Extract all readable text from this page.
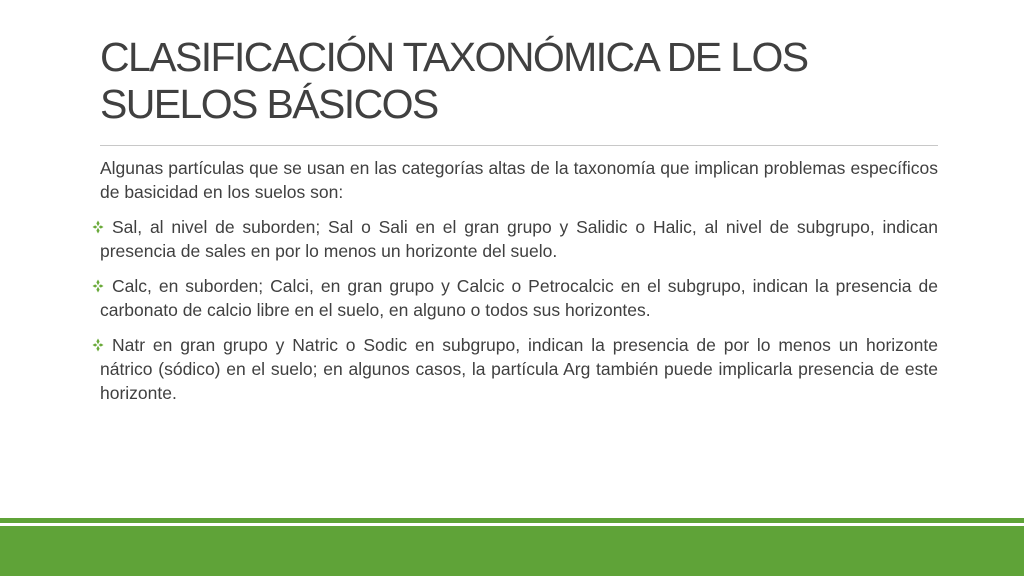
CLASIFICACIÓN TAXONÓMICA DE LOS SUELOS BÁSICOS

Algunas partículas que se usan en las categorías altas de la taxonomía que implican problemas específicos de basicidad en los suelos son:

Sal, al nivel de suborden; Sal o Sali en el gran grupo y Salidic o Halic, al nivel de subgrupo, indican presencia de sales en por lo menos un horizonte del suelo.
Calc, en suborden; Calci, en gran grupo y Calcic o Petrocalcic en el subgrupo, indican la presencia de carbonato de calcio libre en el suelo, en alguno o todos sus horizontes.
Natr en gran grupo y Natric o Sodic en subgrupo, indican la presencia de por lo menos un horizonte nátrico (sódico) en el suelo; en algunos casos, la partícula Arg también puede implicarla presencia de este horizonte.
